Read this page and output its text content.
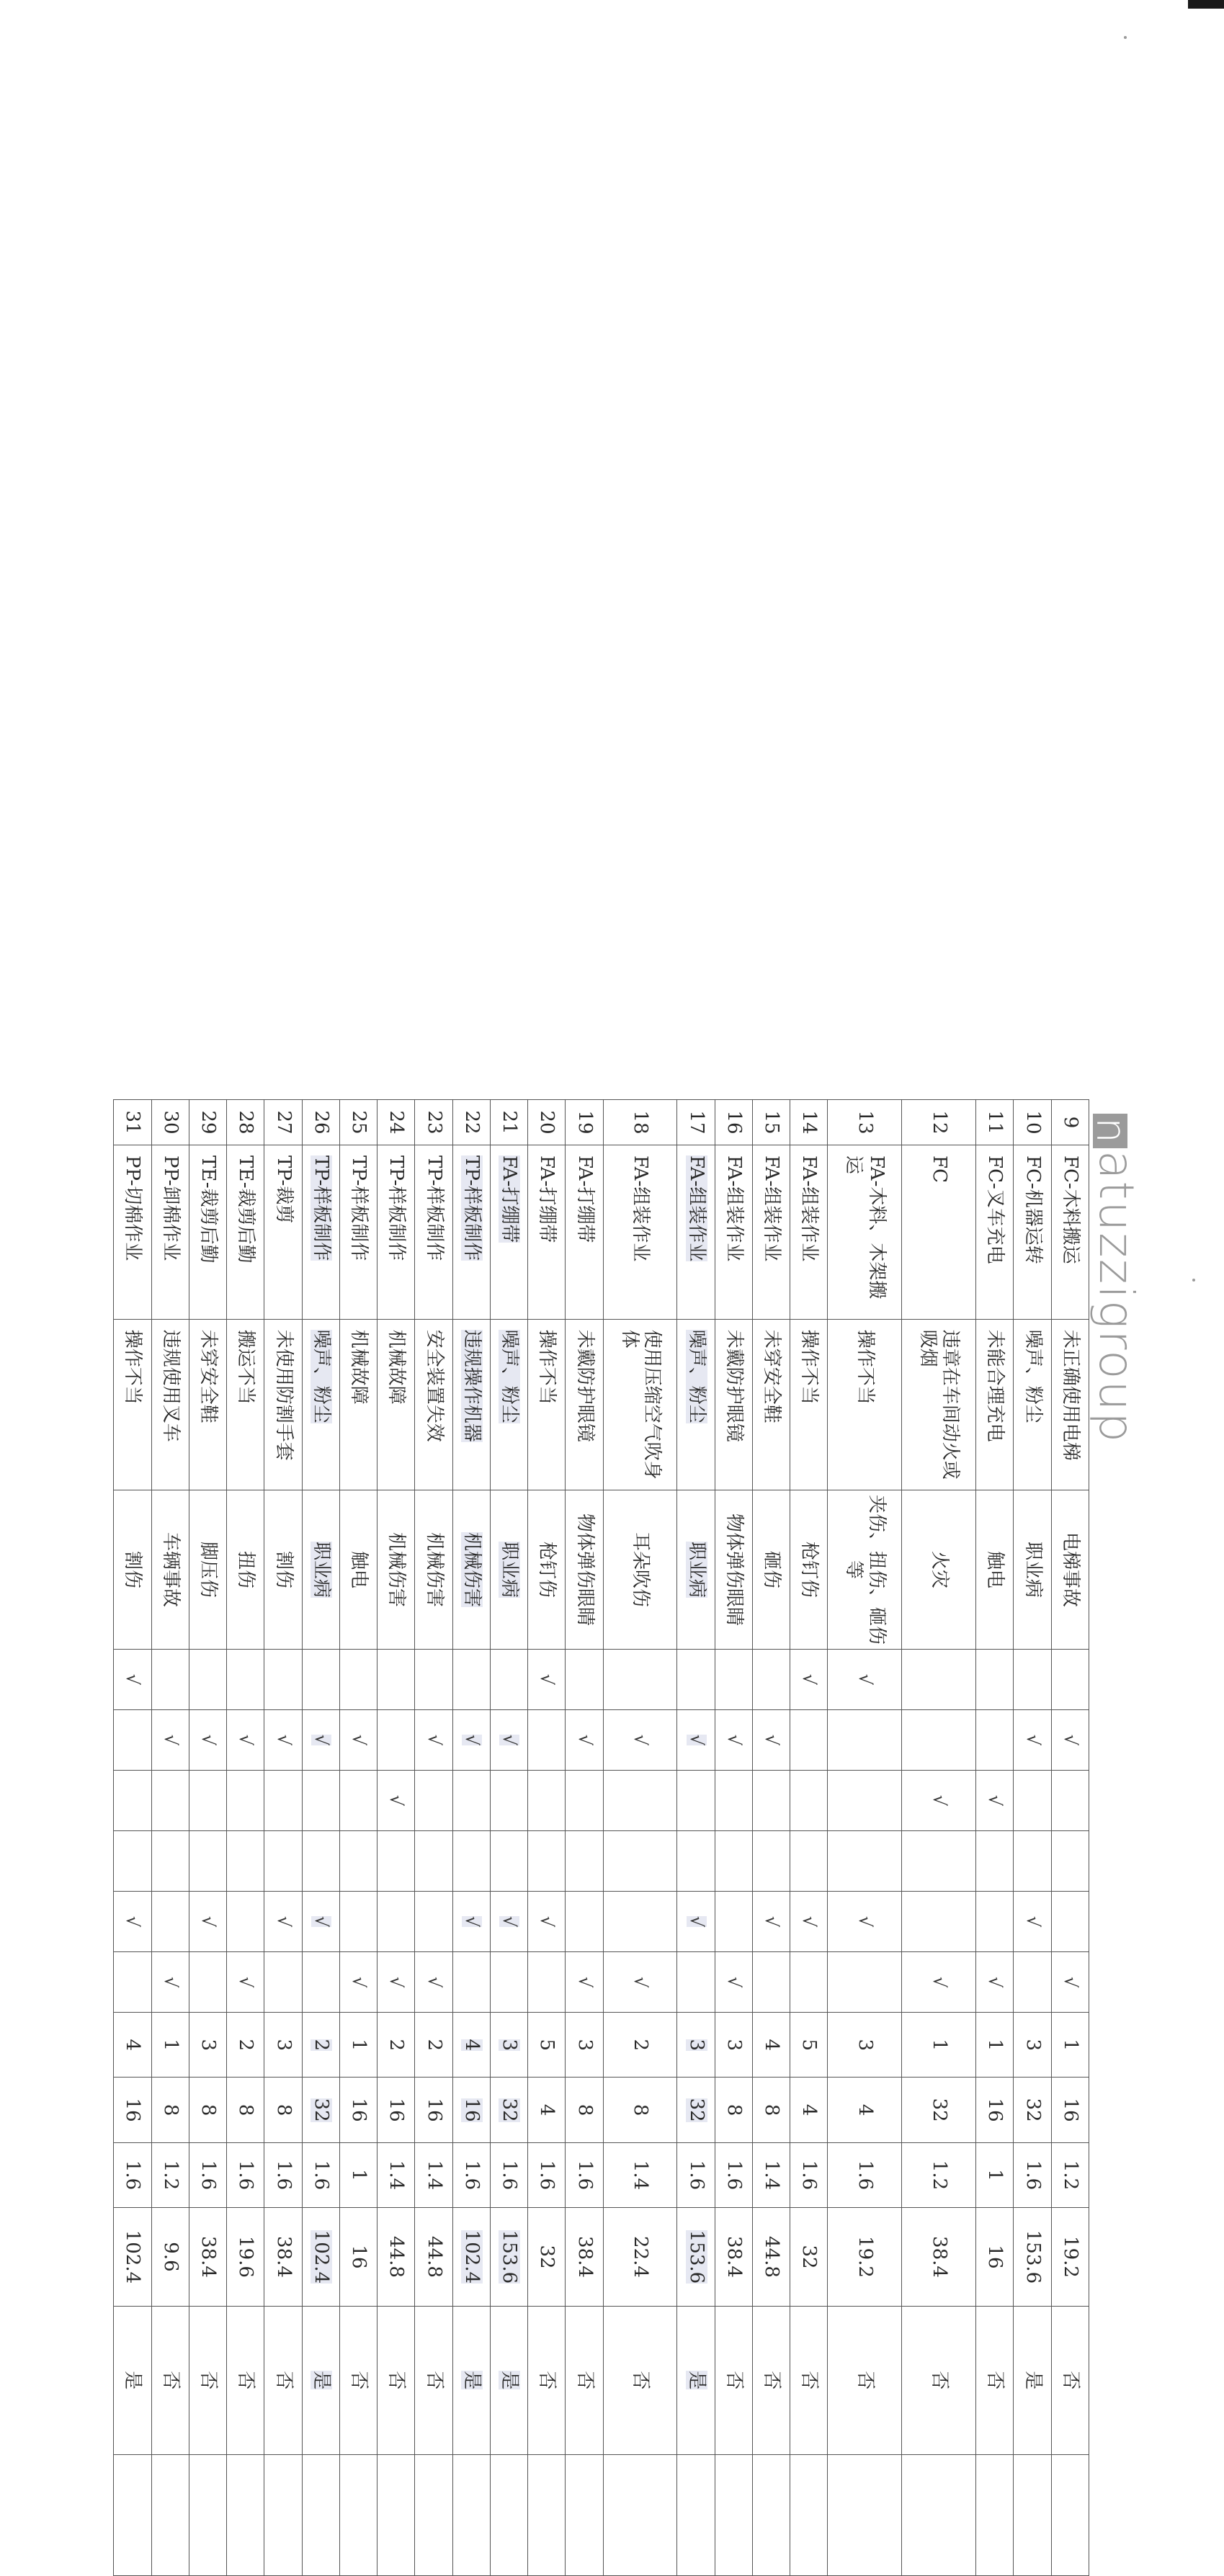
natuzzigroup
9	FC-木料搬运	未正确使用电梯	电梯事故		√				√	1	16	1.2	19.2	否	
10	FC-机器运转	噪声、粉尘	职业病		√			√		3	32	1.6	153.6	是	
11	FC-叉车充电	未能合理充电	触电			√			√	1	16	1	16	否	
12	FC	违章在车间动火或吸烟	火灾			√			√	1	32	1.2	38.4	否	
13	FA-木料、木架搬运	操作不当	夹伤、扭伤、砸伤等	√				√		3	4	1.6	19.2	否	
14	FA-组装作业	操作不当	枪钉伤	√				√		5	4	1.6	32	否	
15	FA-组装作业	未穿安全鞋	砸伤		√			√		4	8	1.4	44.8	否	
16	FA-组装作业	未戴防护眼镜	物体弹伤眼睛		√				√	3	8	1.6	38.4	否	
17	FA-组装作业	噪声、粉尘	职业病		√			√		3	32	1.6	153.6	是	
18	FA-组装作业	使用压缩空气吹身体	耳朵吹伤		√				√	2	8	1.4	22.4	否	
19	FA-打绷带	未戴防护眼镜	物体弹伤眼睛		√				√	3	8	1.6	38.4	否	
20	FA-打绷带	操作不当	枪钉伤	√				√		5	4	1.6	32	否	
21	FA-打绷带	噪声、粉尘	职业病		√			√		3	32	1.6	153.6	是	
22	TP-样板制作	违规操作机器	机械伤害		√			√		4	16	1.6	102.4	是	
23	TP-样板制作	安全装置失效	机械伤害		√				√	2	16	1.4	44.8	否	
24	TP-样板制作	机械故障	机械伤害			√			√	2	16	1.4	44.8	否	
25	TP-样板制作	机械故障	触电		√				√	1	16	1	16	否	
26	TP-样板制作	噪声、粉尘	职业病		√			√		2	32	1.6	102.4	是	
27	TP-裁剪	未使用防割手套	割伤		√			√		3	8	1.6	38.4	否	
28	TE-裁剪后勤	搬运不当	扭伤		√				√	2	8	1.6	19.6	否	
29	TE-裁剪后勤	未穿安全鞋	脚压伤		√			√		3	8	1.6	38.4	否	
30	PP-卸棉作业	违规使用叉车	车辆事故		√				√	1	8	1.2	9.6	否	
31	PP-切棉作业	操作不当	割伤	√				√		4	16	1.6	102.4	是	
